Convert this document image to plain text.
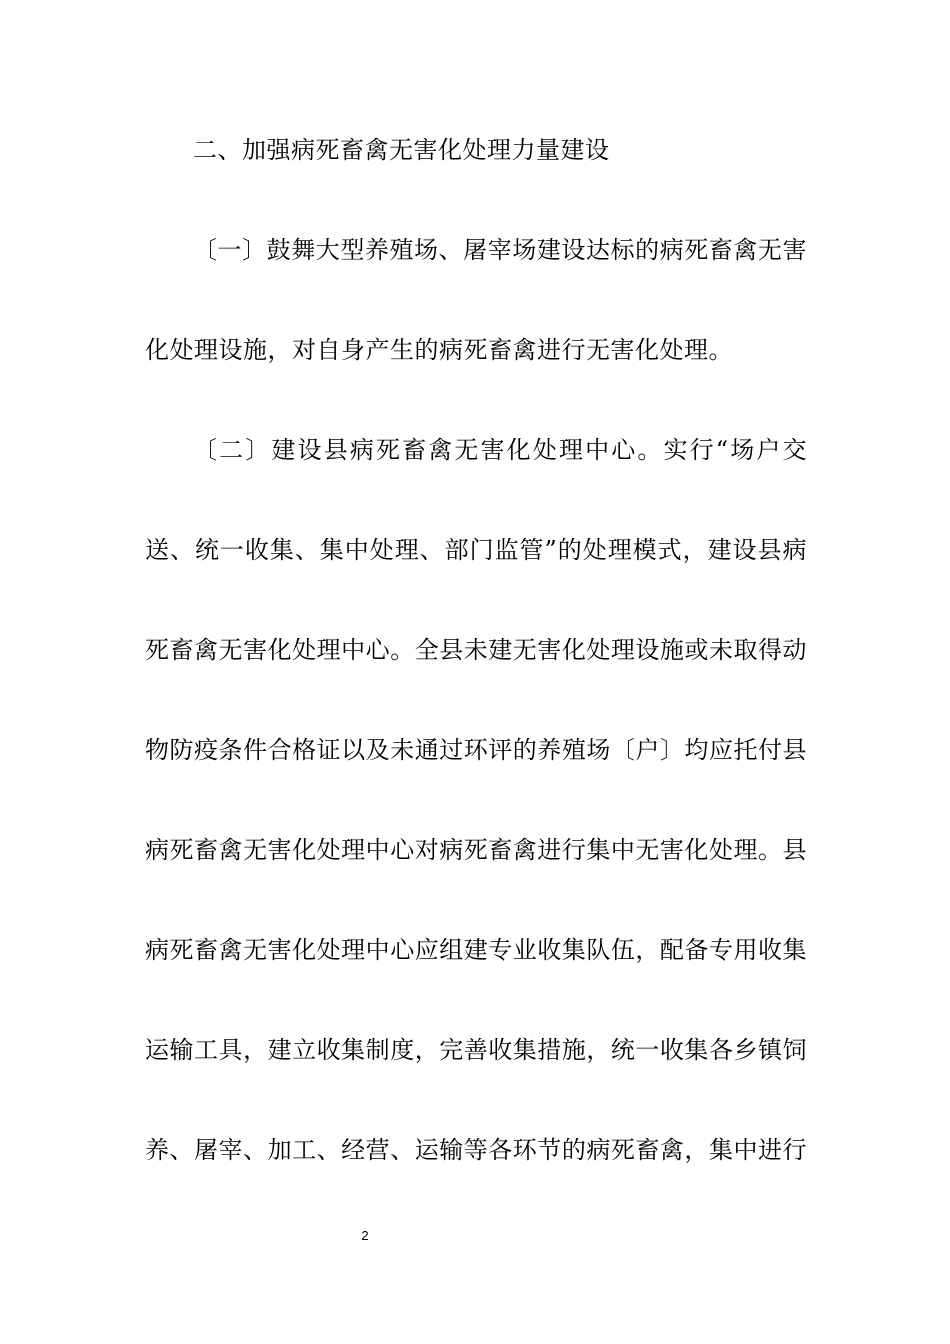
二、加强病死畜禽无害化处理力量建设
〔一〕鼓舞大型养殖场、屠宰场建设达标的病死畜禽无害
化处理设施，对自身产生的病死畜禽进行无害化处理。
〔二〕建设县病死畜禽无害化处理中心。实行“场户交
送、统一收集、集中处理、部门监管”的处理模式，建设县病
死畜禽无害化处理中心。全县未建无害化处理设施或未取得动
物防疫条件合格证以及未通过环评的养殖场〔户〕均应托付县
病死畜禽无害化处理中心对病死畜禽进行集中无害化处理。县
病死畜禽无害化处理中心应组建专业收集队伍，配备专用收集
运输工具，建立收集制度，完善收集措施，统一收集各乡镇饲
养、屠宰、加工、经营、运输等各环节的病死畜禽，集中进行
2
